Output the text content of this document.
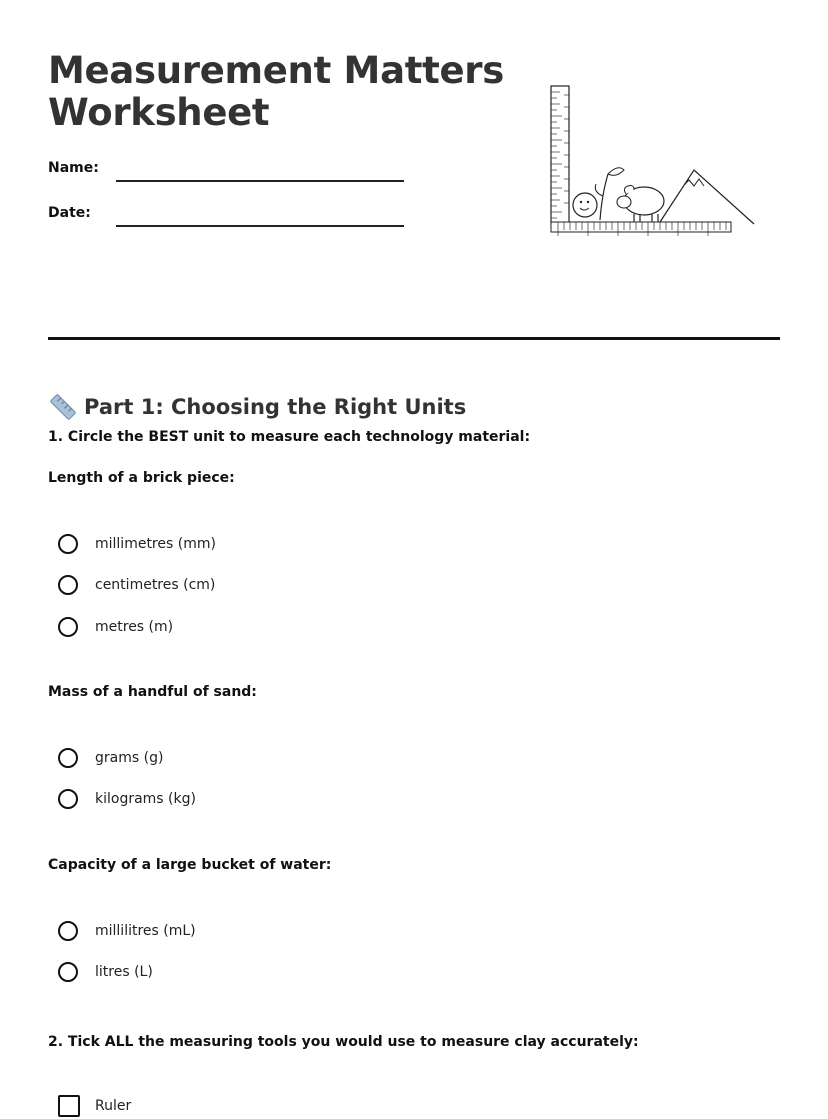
Measurement Matters
Worksheet
Name:
Date:
Part 1: Choosing the Right Units
1. Circle the BEST unit to measure each technology material:
Length of a brick piece:
millimetres (mm)
centimetres (cm)
metres (m)
Mass of a handful of sand:
grams (g)
kilograms (kg)
Capacity of a large bucket of water:
millilitres (mL)
litres (L)
2. Tick ALL the measuring tools you would use to measure clay accurately:
Ruler
